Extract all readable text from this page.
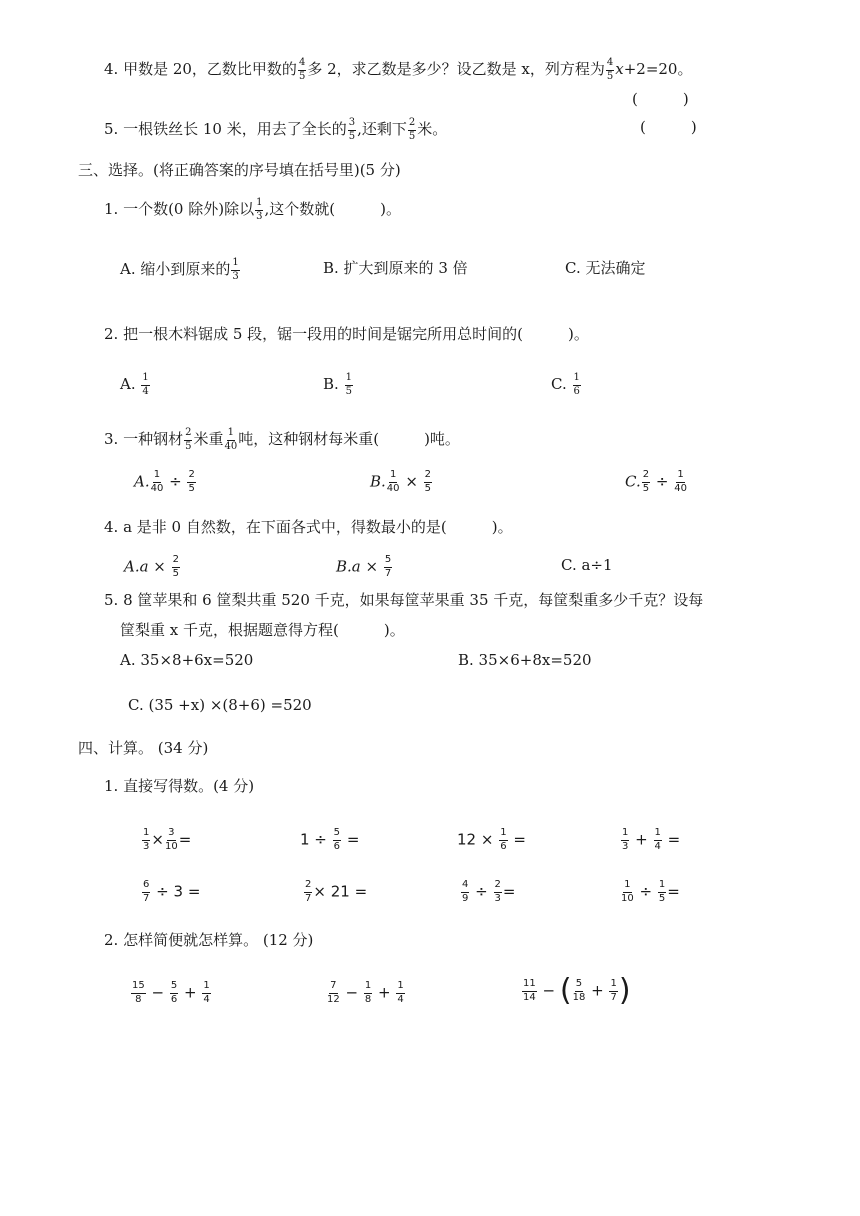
4. 甲数是 20，乙数比甲数的 $\frac{4}{5}$ 多 2，求乙数是多少？设乙数是 x，列方程为 $\frac{4}{5} x+2=20$。
(　　　)
5. 一根铁丝长 10 米，用去了全长的 $\frac{3}{5}$ ,还剩下 $\frac{2}{5}$ 米。	(　　　)
三、选择。(将正确答案的序号填在括号里)(5 分)
1. 一个数(0 除外)除以 $\frac{1}{3}$ ,这个数就(　　　)。
A. 缩小到原来的 $\frac{1}{3}$	B. 扩大到原来的 3 倍	C. 无法确定
2. 把一根木料锯成 5 段，锯一段用的时间是锯完所用总时间的(　　　)。
A. $\frac{1}{4}$	B. $\frac{1}{5}$	C. $\frac{1}{6}$
3. 一种钢材 $\frac{2}{5}$ 米重 $\frac{1}{40}$ 吨，这种钢材每米重(　　　)吨。
A. $\frac{1}{40} \div \frac{2}{5}$	B. $\frac{1}{40} \times \frac{2}{5}$	C. $\frac{2}{5} \div \frac{1}{40}$
4. a 是非 0 自然数，在下面各式中，得数最小的是(　　　)。
$A.a \times \frac{2}{5}$	$B.a \times \frac{5}{7}$	C. a÷1
5. 8 筐苹果和 6 筐梨共重 520 千克，如果每筐苹果重 35 千克，每筐梨重多少千克？设每
筐梨重 x 千克，根据题意得方程(　　　)。
A. 35×8+6x=520	B. 35×6+8x=520
C. (35 +x) ×(8+6) =520
四、计算。 (34 分)
1. 直接写得数。(4 分)
$\frac{1}{3} \times \frac{3}{10}$ =	$1 \div \frac{5}{6}$ =	$12 \times \frac{1}{6}$ =	$\frac{1}{3} + \frac{1}{4}$ =
$\frac{6}{7} \div 3$ =	$\frac{2}{7} \times 21$ =	$\frac{4}{9} \div \frac{2}{3}$ =	$\frac{1}{10} \div \frac{1}{5}$ =
2. 怎样简便就怎样算。 (12 分)
$\frac{15}{8} - \frac{5}{6} + \frac{1}{4}$	$\frac{7}{12} - \frac{1}{8} + \frac{1}{4}$	$\frac{11}{14}$ − ( $\frac{5}{18} + \frac{1}{7}$ )
